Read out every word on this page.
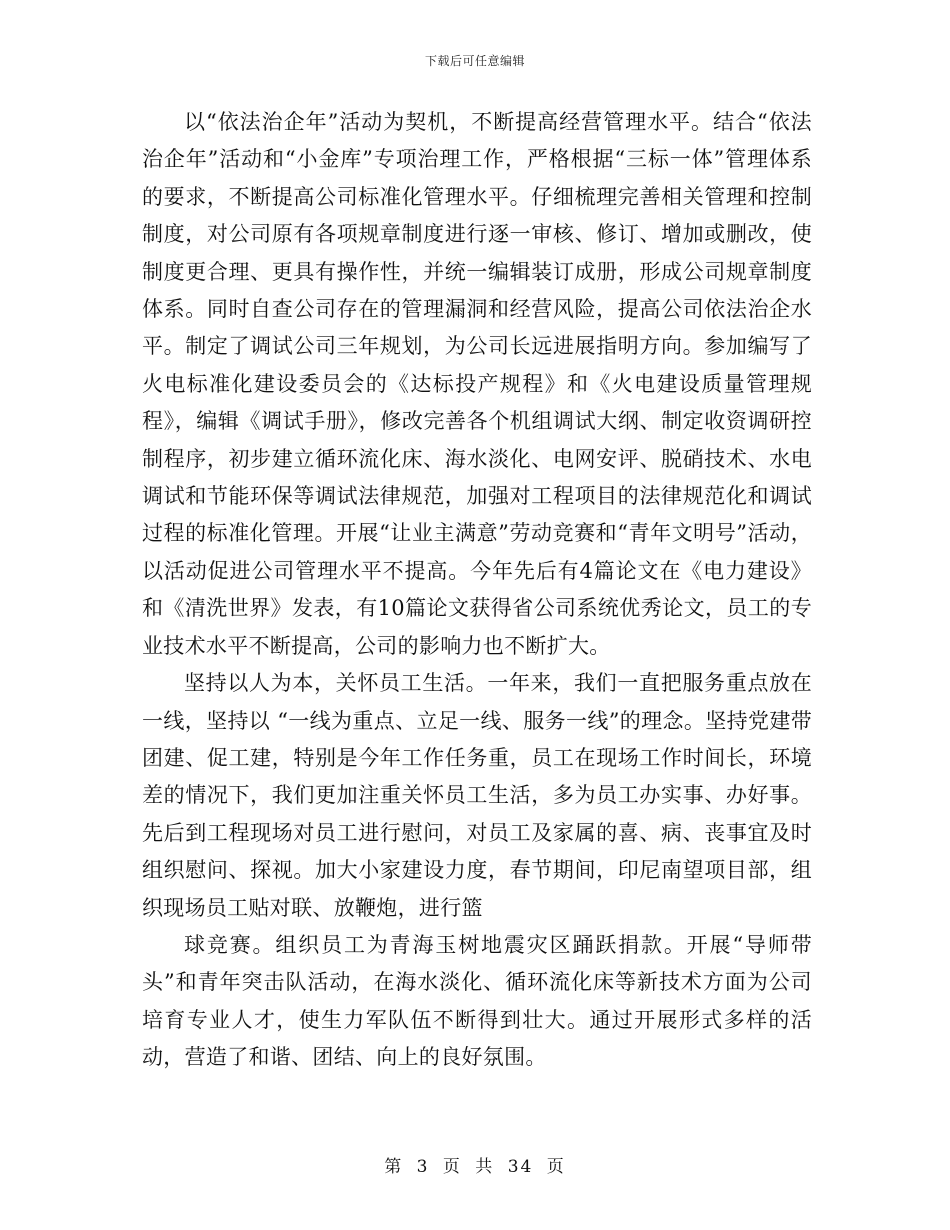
下载后可任意编辑

以“依法治企年”活动为契机，不断提高经营管理水平。结合“依法治企年”活动和“小金库”专项治理工作，严格根据“三标一体”管理体系的要求，不断提高公司标准化管理水平。仔细梳理完善相关管理和控制制度，对公司原有各项规章制度进行逐一审核、修订、增加或删改，使制度更合理、更具有操作性，并统一编辑装订成册，形成公司规章制度体系。同时自查公司存在的管理漏洞和经营风险，提高公司依法治企水平。制定了调试公司三年规划，为公司长远进展指明方向。参加编写了火电标准化建设委员会的《达标投产规程》和《火电建设质量管理规程》，编辑《调试手册》，修改完善各个机组调试大纲、制定收资调研控制程序，初步建立循环流化床、海水淡化、电网安评、脱硝技术、水电调试和节能环保等调试法律规范，加强对工程项目的法律规范化和调试过程的标准化管理。开展“让业主满意”劳动竞赛和“青年文明号”活动，以活动促进公司管理水平不提高。今年先后有4篇论文在《电力建设》和《清洗世界》发表，有10篇论文获得省公司系统优秀论文，员工的专业技术水平不断提高，公司的影响力也不断扩大。

坚持以人为本，关怀员工生活。一年来，我们一直把服务重点放在一线，坚持以 “一线为重点、立足一线、服务一线”的理念。坚持党建带团建、促工建，特别是今年工作任务重，员工在现场工作时间长，环境差的情况下，我们更加注重关怀员工生活，多为员工办实事、办好事。先后到工程现场对员工进行慰问，对员工及家属的喜、病、丧事宜及时组织慰问、探视。加大小家建设力度，春节期间，印尼南望项目部，组织现场员工贴对联、放鞭炮，进行篮

球竞赛。组织员工为青海玉树地震灾区踊跃捐款。开展“导师带头”和青年突击队活动，在海水淡化、循环流化床等新技术方面为公司培育专业人才，使生力军队伍不断得到壮大。通过开展形式多样的活动，营造了和谐、团结、向上的良好氛围。

第 3 页 共 34 页
